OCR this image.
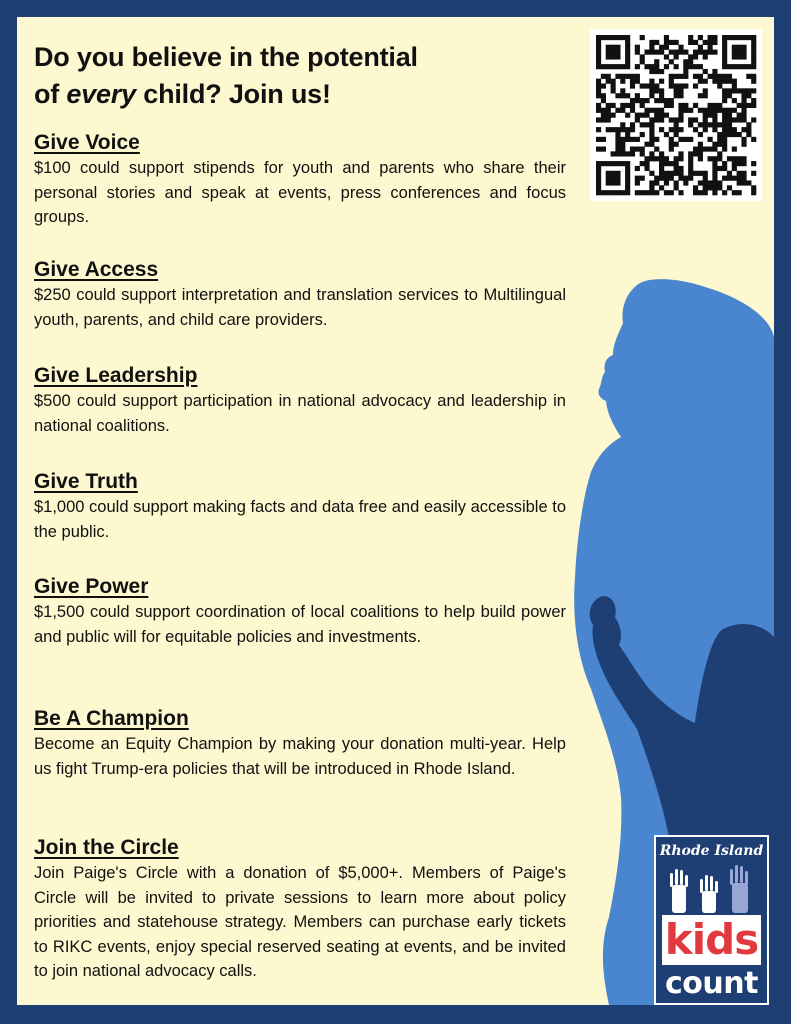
Do you believe in the potential
of every child? Join us!
Give Voice

$100 could support stipends for youth and parents who share their personal stories and speak at events, press conferences and focus groups.

Give Access

$250 could support interpretation and translation services to Multilingual youth, parents, and child care providers.

Give Leadership

$500 could support participation in national advocacy and leadership in national coalitions.

Give Truth

$1,000 could support making facts and data free and easily accessible to the public.

Give Power

$1,500 could support coordination of local coalitions to help build power and public will for equitable policies and investments.

Be A Champion

Become an Equity Champion by making your donation multi-year. Help us fight Trump-era policies that will be introduced in Rhode Island.

Join the Circle

Join Paige's Circle with a donation of $5,000+. Members of Paige's Circle will be invited to private sessions to learn more about policy priorities and statehouse strategy. Members can purchase early tickets to RIKC events, enjoy special reserved seating at events, and be invited to join national advocacy calls.

Rhode Island
kids
count
